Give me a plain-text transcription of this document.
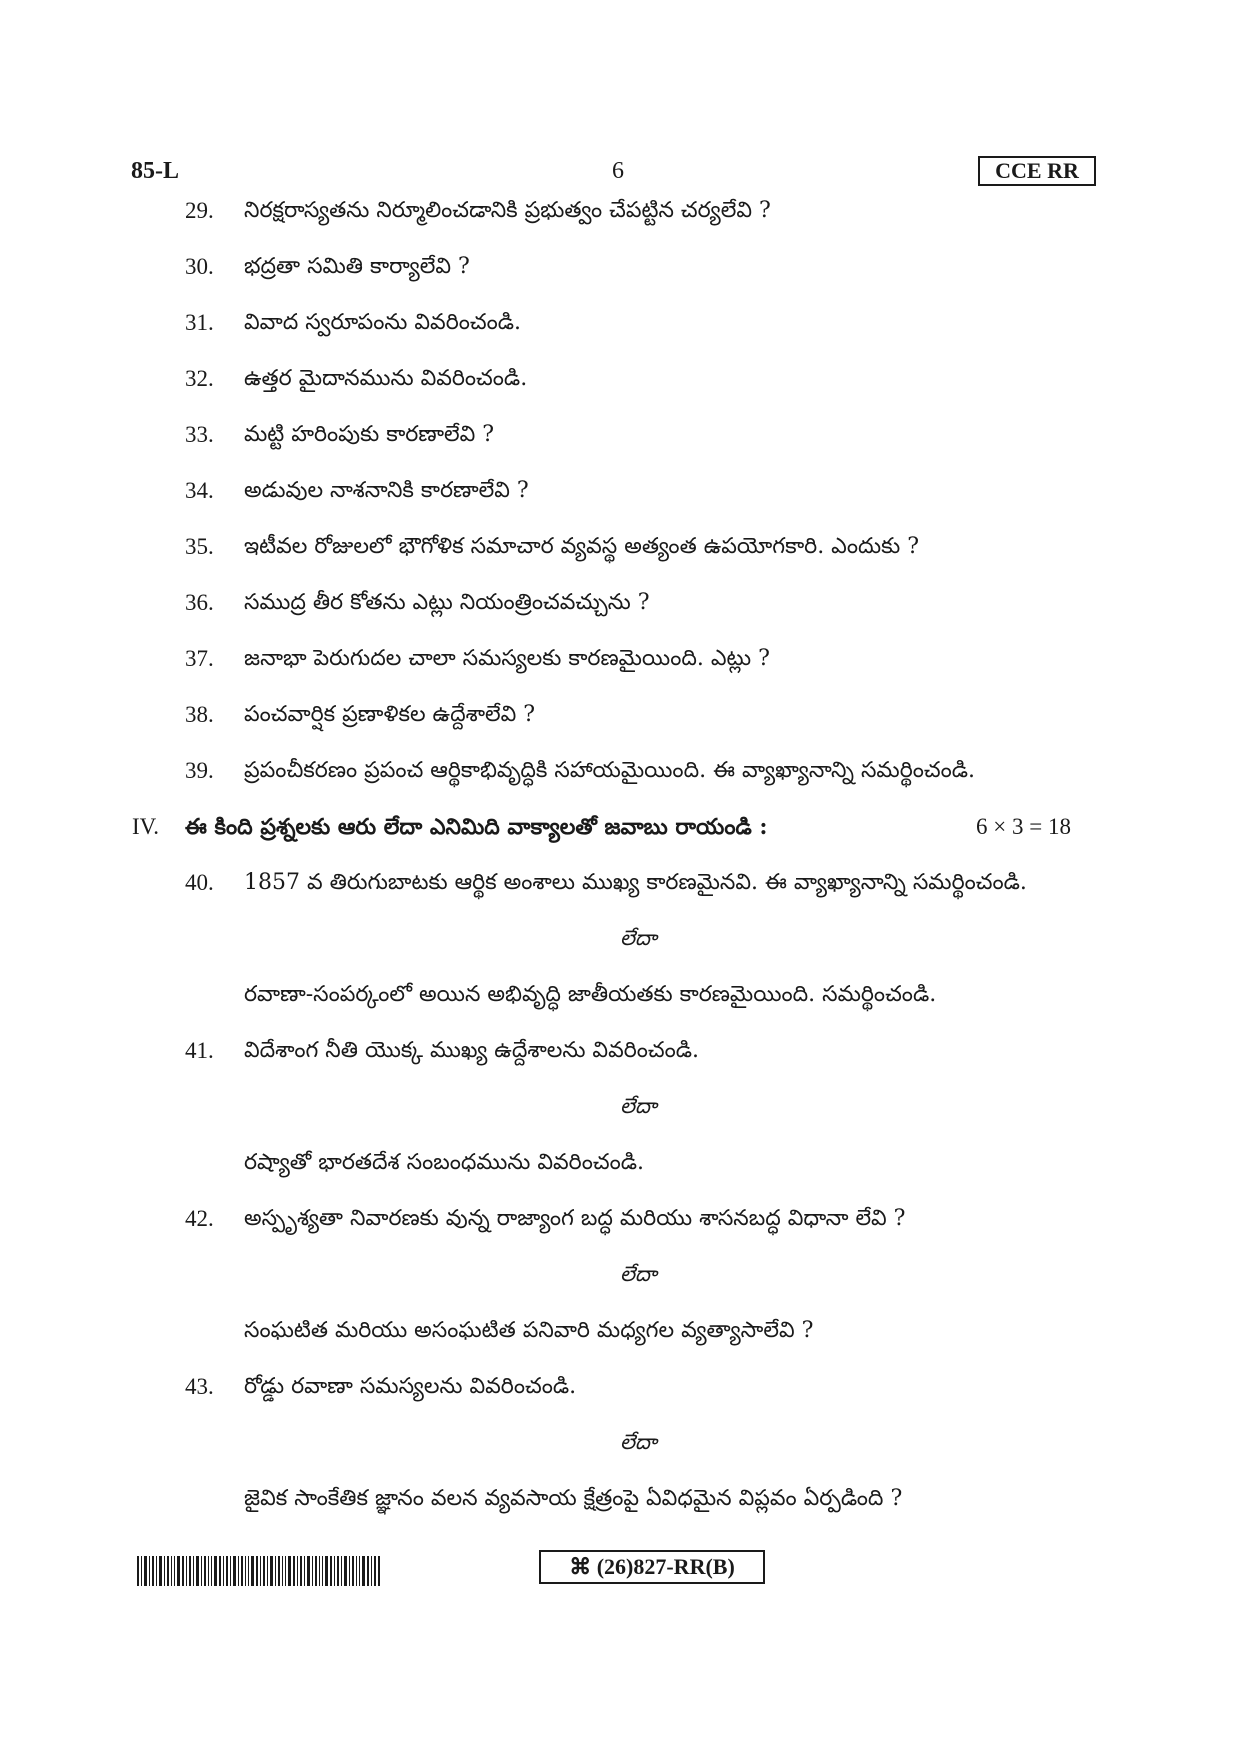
85-L	6	CCE RR
29. నిరక్షరాస్యతను నిర్మూలించడానికి ప్రభుత్వం చేపట్టిన చర్యలేవి ?
30. భద్రతా సమితి కార్యాలేవి ?
31. వివాద స్వరూపంను వివరించండి.
32. ఉత్తర మైదానమును వివరించండి.
33. మట్టి హరింపుకు కారణాలేవి ?
34. అడువుల నాశనానికి కారణాలేవి ?
35. ఇటీవల రోజులలో భౌగోళిక సమాచార వ్యవస్థ అత్యంత ఉపయోగకారి. ఎందుకు ?
36. సముద్ర తీర కోతను ఎట్లు నియంత్రించవచ్చును ?
37. జనాభా పెరుగుదల చాలా సమస్యలకు కారణమైయింది. ఎట్లు ?
38. పంచవార్షిక ప్రణాళికల ఉద్దేశాలేవి ?
39. ప్రపంచీకరణం ప్రపంచ ఆర్థికాభివృద్ధికి సహాయమైయింది. ఈ వ్యాఖ్యానాన్ని సమర్థించండి.
IV. ఈ కింది ప్రశ్నలకు ఆరు లేదా ఎనిమిది వాక్యాలతో జవాబు రాయండి :	6 × 3 = 18
40. 1857 వ తిరుగుబాటకు ఆర్థిక అంశాలు ముఖ్య కారణమైనవి. ఈ వ్యాఖ్యానాన్ని సమర్థించండి.
లేదా
రవాణా-సంపర్కంలో అయిన అభివృద్ధి జాతీయతకు కారణమైయింది. సమర్థించండి.
41. విదేశాంగ నీతి యొక్క ముఖ్య ఉద్దేశాలను వివరించండి.
లేదా
రష్యాతో భారతదేశ సంబంధమును వివరించండి.
42. అస్పృశ్యతా నివారణకు వున్న రాజ్యాంగ బద్ధ మరియు శాసనబద్ధ విధానా లేవి ?
లేదా
సంఘటిత మరియు అసంఘటిత పనివారి మధ్యగల వ్యత్యాసాలేవి ?
43. రోడ్డు రవాణా సమస్యలను వివరించండి.
లేదా
జైవిక సాంకేతిక జ్ఞానం వలన వ్యవసాయ క్షేత్రంపై ఏవిధమైన విప్లవం ఏర్పడింది ?
⌘ (26)827-RR(B)
